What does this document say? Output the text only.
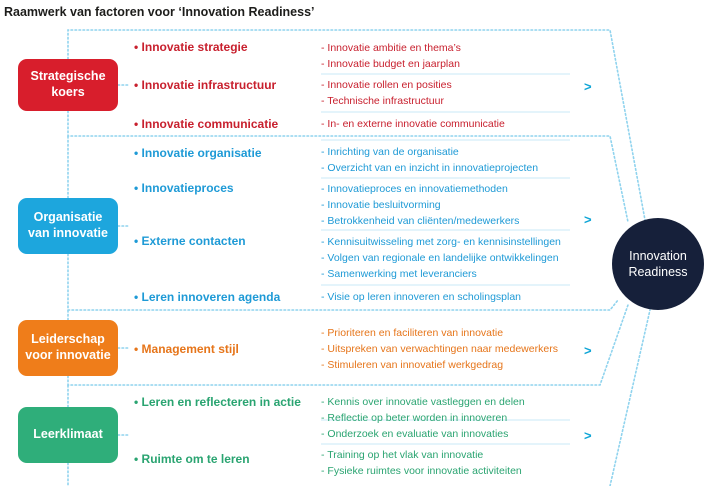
Raamwerk van factoren voor ‘Innovation Readiness’
Strategische
koers
Organisatie
van innovatie
Leiderschap
voor innovatie
Leerklimaat
• Innovatie strategie	- Innovatie ambitie en thema’s
- Innovatie budget en jaarplan
• Innovatie infrastructuur	- Innovatie rollen en posities
- Technische infrastructuur
• Innovatie communicatie	- In- en externe innovatie communicatie
• Innovatie organisatie	- Inrichting van de organisatie
- Overzicht van en inzicht in innovatieprojecten
• Innovatieproces	- Innovatieproces en innovatiemethoden
- Innovatie besluitvorming
- Betrokkenheid van cliënten/medewerkers
• Externe contacten	- Kennisuitwisseling met zorg- en kennisinstellingen
- Volgen van regionale en landelijke ontwikkelingen
- Samenwerking met leveranciers
• Leren innoveren agenda	- Visie op leren innoveren en scholingsplan
• Management stijl
- Prioriteren en faciliteren van innovatie
- Uitspreken van verwachtingen naar medewerkers
- Stimuleren van innovatief werkgedrag
• Leren en reflecteren in actie - Kennis over innovatie vastleggen en delen
- Reflectie op beter worden in innoveren
- Onderzoek en evaluatie van innovaties
• Ruimte om te leren	- Training op het vlak van innovatie
- Fysieke ruimtes voor innovatie activiteiten
>
>
>
>
Innovation
Readiness
